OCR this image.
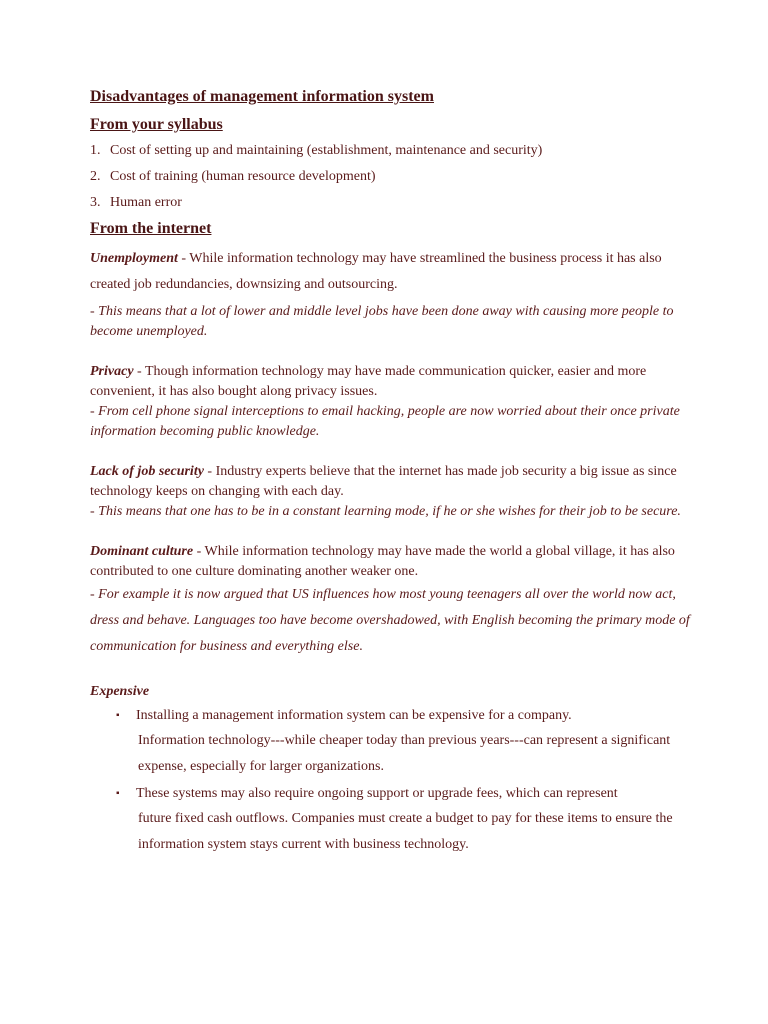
Disadvantages of management information system
From your syllabus
1. Cost of setting up and maintaining (establishment, maintenance and security)
2. Cost of training (human resource development)
3. Human error
From the internet
Unemployment - While information technology may have streamlined the business process it has also created job redundancies, downsizing and outsourcing.
- This means that a lot of lower and middle level jobs have been done away with causing more people to become unemployed.
Privacy - Though information technology may have made communication quicker, easier and more convenient, it has also bought along privacy issues.
- From cell phone signal interceptions to email hacking, people are now worried about their once private information becoming public knowledge.
Lack of job security - Industry experts believe that the internet has made job security a big issue as since technology keeps on changing with each day.
- This means that one has to be in a constant learning mode, if he or she wishes for their job to be secure.
Dominant culture - While information technology may have made the world a global village, it has also contributed to one culture dominating another weaker one.
- For example it is now argued that US influences how most young teenagers all over the world now act, dress and behave. Languages too have become overshadowed, with English becoming the primary mode of communication for business and everything else.
Expensive
▪ Installing a management information system can be expensive for a company.
Information technology---while cheaper today than previous years---can represent a significant expense, especially for larger organizations.
▪ These systems may also require ongoing support or upgrade fees, which can represent
future fixed cash outflows. Companies must create a budget to pay for these items to ensure the information system stays current with business technology.
